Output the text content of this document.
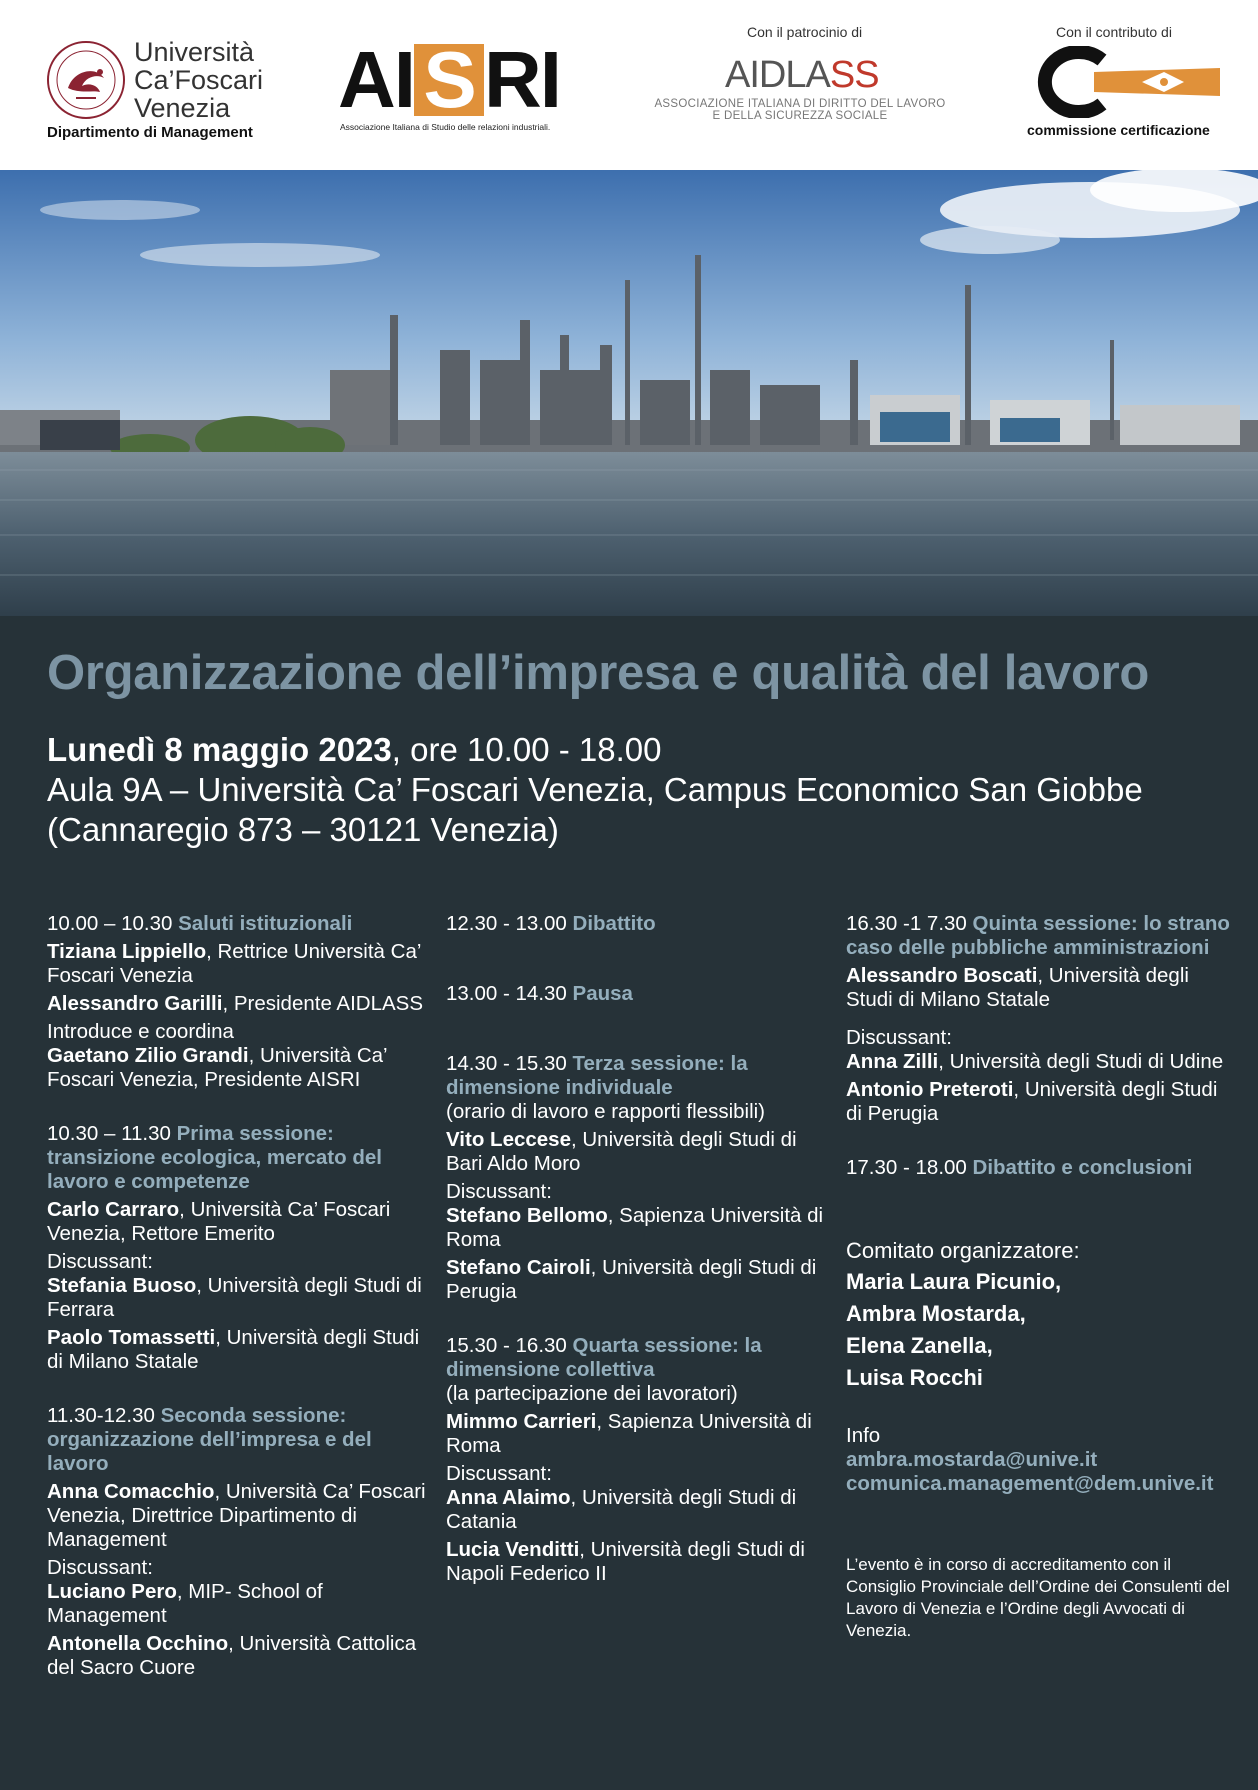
Università
Ca’Foscari
Venezia
Dipartimento di Management
AI S RI
Associazione Italiana di Studio delle relazioni industriali.
Con il patrocinio di
AIDLASS
ASSOCIAZIONE ITALIANA DI DIRITTO DEL LAVORO
E DELLA SICUREZZA SOCIALE
Con il contributo di
commissione certificazione
Organizzazione dell’impresa e qualità del lavoro
Lunedì 8 maggio 2023, ore 10.00 - 18.00
Aula 9A – Università Ca’ Foscari Venezia, Campus Economico San Giobbe
(Cannaregio 873 – 30121 Venezia)
10.00 – 10.30 Saluti istituzionali
Tiziana Lippiello, Rettrice Università Ca’ Foscari Venezia
Alessandro Garilli, Presidente AIDLASS
Introduce e coordina
Gaetano Zilio Grandi, Università Ca’ Foscari Venezia, Presidente AISRI
10.30 – 11.30 Prima sessione: transizione ecologica, mercato del lavoro e competenze
Carlo Carraro, Università Ca’ Foscari Venezia, Rettore Emerito
Discussant:
Stefania Buoso, Università degli Studi di Ferrara
Paolo Tomassetti, Università degli Studi di Milano Statale
11.30-12.30 Seconda sessione: organizzazione dell’impresa e del lavoro
Anna Comacchio, Università Ca’ Foscari Venezia, Direttrice Dipartimento di Management
Discussant:
Luciano Pero, MIP- School of Management
Antonella Occhino, Università Cattolica del Sacro Cuore
12.30 - 13.00 Dibattito
13.00 - 14.30 Pausa
14.30 - 15.30 Terza sessione: la dimensione individuale
(orario di lavoro e rapporti flessibili)
Vito Leccese, Università degli Studi di Bari Aldo Moro
Discussant:
Stefano Bellomo, Sapienza Università di Roma
Stefano Cairoli, Università degli Studi di Perugia
15.30 - 16.30 Quarta sessione: la dimensione collettiva
(la partecipazione dei lavoratori)
Mimmo Carrieri, Sapienza Università di Roma
Discussant:
Anna Alaimo, Università degli Studi di Catania
Lucia Venditti, Università degli Studi di Napoli Federico II
16.30 -1 7.30 Quinta sessione: lo strano caso delle pubbliche amministrazioni
Alessandro Boscati, Università degli Studi di Milano Statale
Discussant:
Anna Zilli, Università degli Studi di Udine
Antonio Preteroti, Università degli Studi di Perugia
17.30 - 18.00 Dibattito e conclusioni
Comitato organizzatore:
Maria Laura Picunio,
Ambra Mostarda,
Elena Zanella,
Luisa Rocchi
Info
ambra.mostarda@unive.it
comunica.management@dem.unive.it
L’evento è in corso di accreditamento con il Consiglio Provinciale dell’Ordine dei Consulenti del Lavoro di Venezia e l’Ordine degli Avvocati di Venezia.
